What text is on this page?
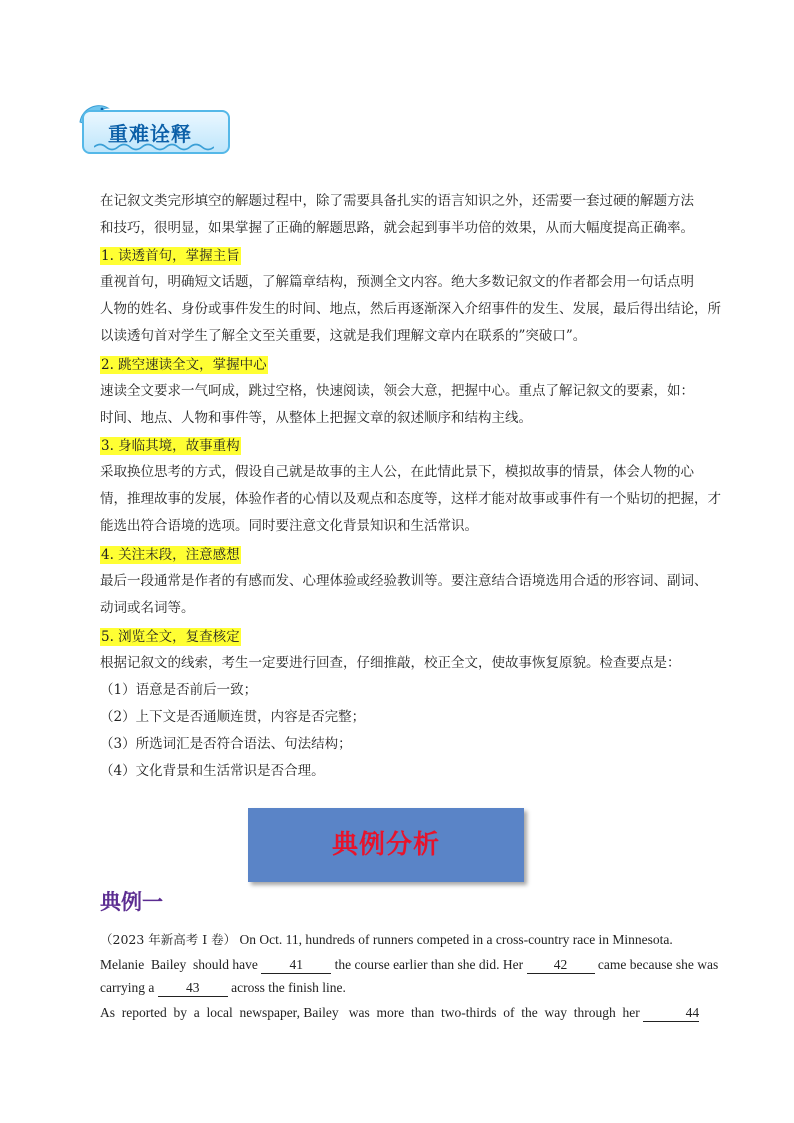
重难诠释
在记叙文类完形填空的解题过程中，除了需要具备扎实的语言知识之外，还需要一套过硬的解题方法
和技巧，很明显，如果掌握了正确的解题思路，就会起到事半功倍的效果，从而大幅度提高正确率。
1. 读透首句，掌握主旨
重视首句，明确短文话题，了解篇章结构，预测全文内容。绝大多数记叙文的作者都会用一句话点明
人物的姓名、身份或事件发生的时间、地点，然后再逐渐深入介绍事件的发生、发展，最后得出结论，所
以读透句首对学生了解全文至关重要，这就是我们理解文章内在联系的”突破口”。
2. 跳空速读全文，掌握中心
速读全文要求一气呵成，跳过空格，快速阅读，领会大意，把握中心。重点了解记叙文的要素，如：
时间、地点、人物和事件等，从整体上把握文章的叙述顺序和结构主线。
3. 身临其境，故事重构
采取换位思考的方式，假设自己就是故事的主人公，在此情此景下，模拟故事的情景，体会人物的心
情，推理故事的发展，体验作者的心情以及观点和态度等，这样才能对故事或事件有一个贴切的把握，才
能选出符合语境的选项。同时要注意文化背景知识和生活常识。
4. 关注末段，注意感想
最后一段通常是作者的有感而发、心理体验或经验教训等。要注意结合语境选用合适的形容词、副词、
动词或名词等。
5. 浏览全文，复查核定
根据记叙文的线索，考生一定要进行回查，仔细推敲，校正全文，使故事恢复原貌。检查要点是：
（1）语意是否前后一致；
（2）上下文是否通顺连贯，内容是否完整；
（3）所选词汇是否符合语法、句法结构；
（4）文化背景和生活常识是否合理。
典例分析
典例一
（2023 年新高考 I 卷） On Oct. 11, hundreds of runners competed in a cross-country race in Minnesota.
Melanie  Bailey  should have 41 the course earlier than she did. Her 42 came because she was
carrying a 43 across the finish line.
As  reported  by  a  local  newspaper, Bailey   was  more  than  two-thirds  of  the  way  through  her	44
